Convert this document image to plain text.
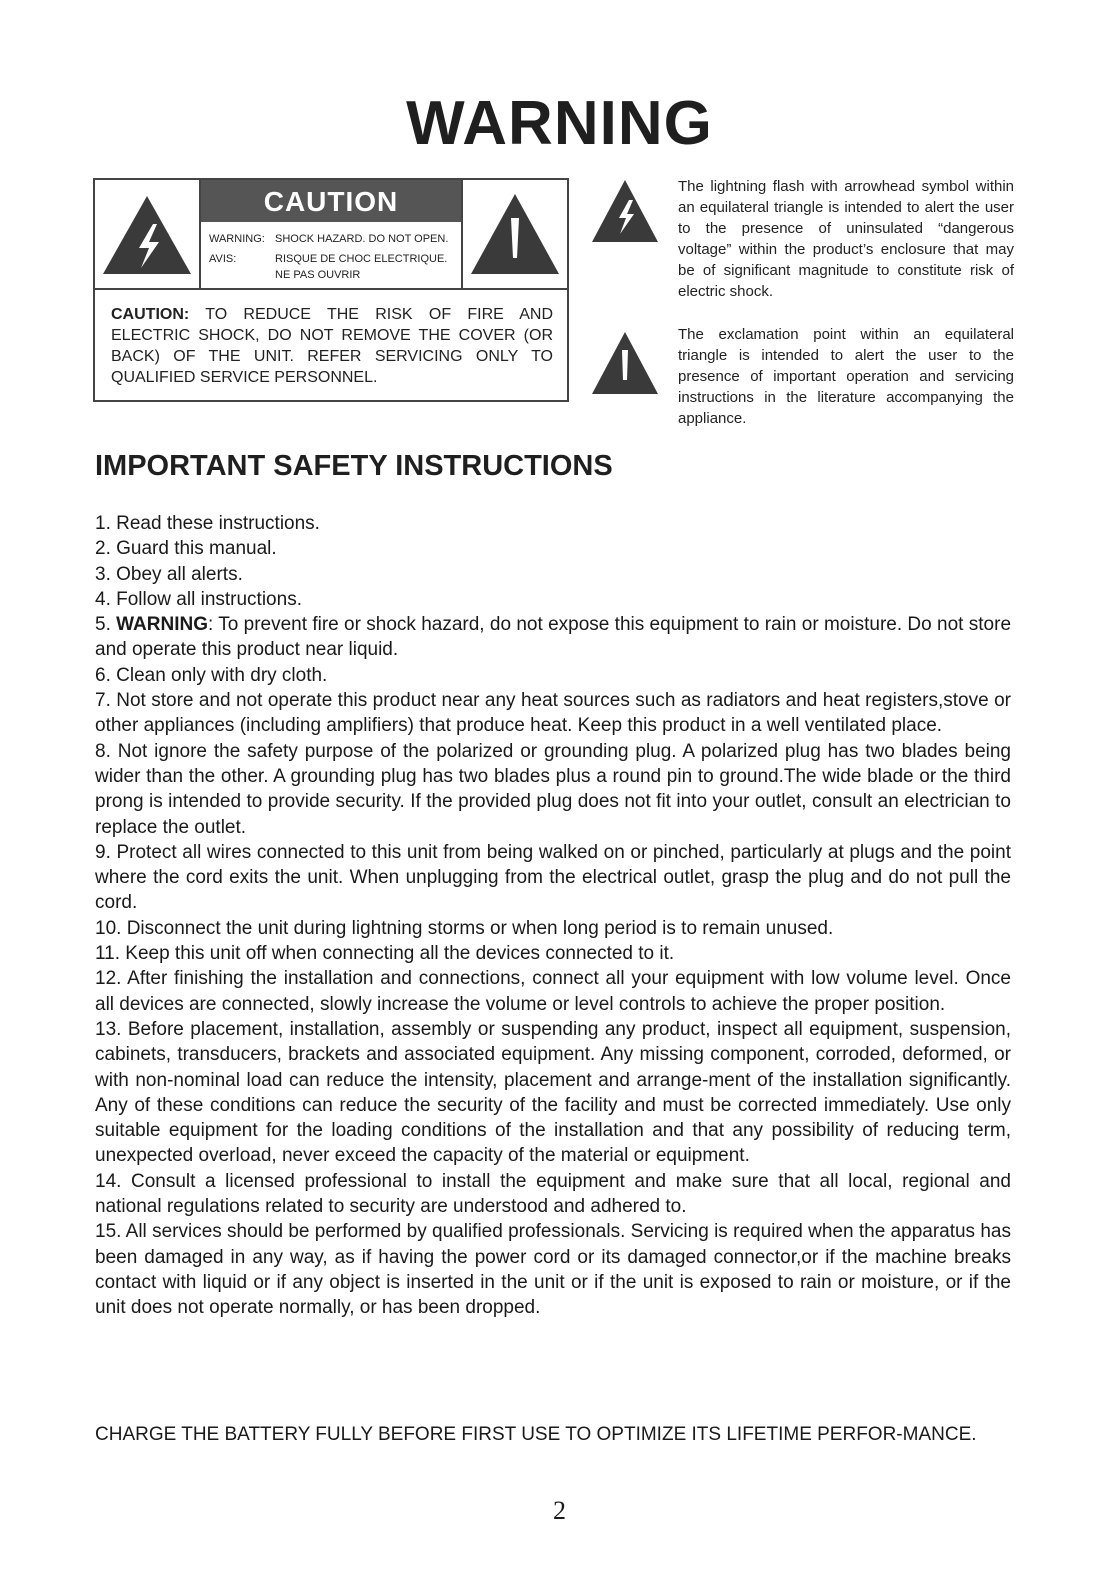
WARNING
CAUTION
WARNING: SHOCK HAZARD. DO NOT OPEN.
AVIS:	RISQUE DE CHOC ELECTRIQUE.
NE PAS OUVRIR

CAUTION: TO REDUCE THE RISK OF FIRE AND ELECTRIC SHOCK, DO NOT REMOVE THE COVER (OR BACK) OF THE UNIT. REFER SERVICING ONLY TO QUALIFIED SERVICE PERSONNEL.

The lightning flash with arrowhead symbol within an equilateral triangle is intended to alert the user to the presence of uninsulated “dangerous voltage” within the product’s enclosure that may be of significant magnitude to constitute risk of electric shock.

The exclamation point within an equilateral triangle is intended to alert the user to the presence of important operation and servicing instructions in the literature accompanying the appliance.

IMPORTANT SAFETY INSTRUCTIONS
1. Read these instructions.
2. Guard this manual.
3. Obey all alerts.
4. Follow all instructions.
5. WARNING: To prevent fire or shock hazard, do not expose this equipment to rain or moisture. Do not store and operate this product near liquid.
6. Clean only with dry cloth.
7. Not store and not operate this product near any heat sources such as radiators and heat registers,stove or other appliances (including amplifiers) that produce heat. Keep this product in a well ventilated place.
8. Not ignore the safety purpose of the polarized or grounding plug. A polarized plug has two blades being wider than the other. A grounding plug has two blades plus a round pin to ground.The wide blade or the third prong is intended to provide security. If the provided plug does not fit into your outlet, consult an electrician to replace the outlet.
9. Protect all wires connected to this unit from being walked on or pinched, particularly at plugs and the point where the cord exits the unit. When unplugging from the electrical outlet, grasp the plug and do not pull the cord.
10. Disconnect the unit during lightning storms or when long period is to remain unused.
11. Keep this unit off when connecting all the devices connected to it.
12. After finishing the installation and connections, connect all your equipment with low volume level. Once all devices are connected, slowly increase the volume or level controls to achieve the proper position.
13. Before placement, installation, assembly or suspending any product, inspect all equipment, suspension, cabinets, transducers, brackets and associated equipment. Any missing component, corroded, deformed, or with non-nominal load can reduce the intensity, placement and arrange-ment of the installation significantly. Any of these conditions can reduce the security of the facility and must be corrected immediately. Use only suitable equipment for the loading conditions of the installation and that any possibility of reducing term, unexpected overload, never exceed the capacity of the material or equipment.
14. Consult a licensed professional to install the equipment and make sure that all local, regional and national regulations related to security are understood and adhered to.
15. All services should be performed by qualified professionals. Servicing is required when the apparatus has been damaged in any way, as if having the power cord or its damaged connector,or if the machine breaks contact with liquid or if any object is inserted in the unit or if the unit is exposed to rain or moisture, or if the unit does not operate normally, or has been dropped.

CHARGE THE BATTERY FULLY BEFORE FIRST USE TO OPTIMIZE ITS LIFETIME PERFOR-MANCE.

2
